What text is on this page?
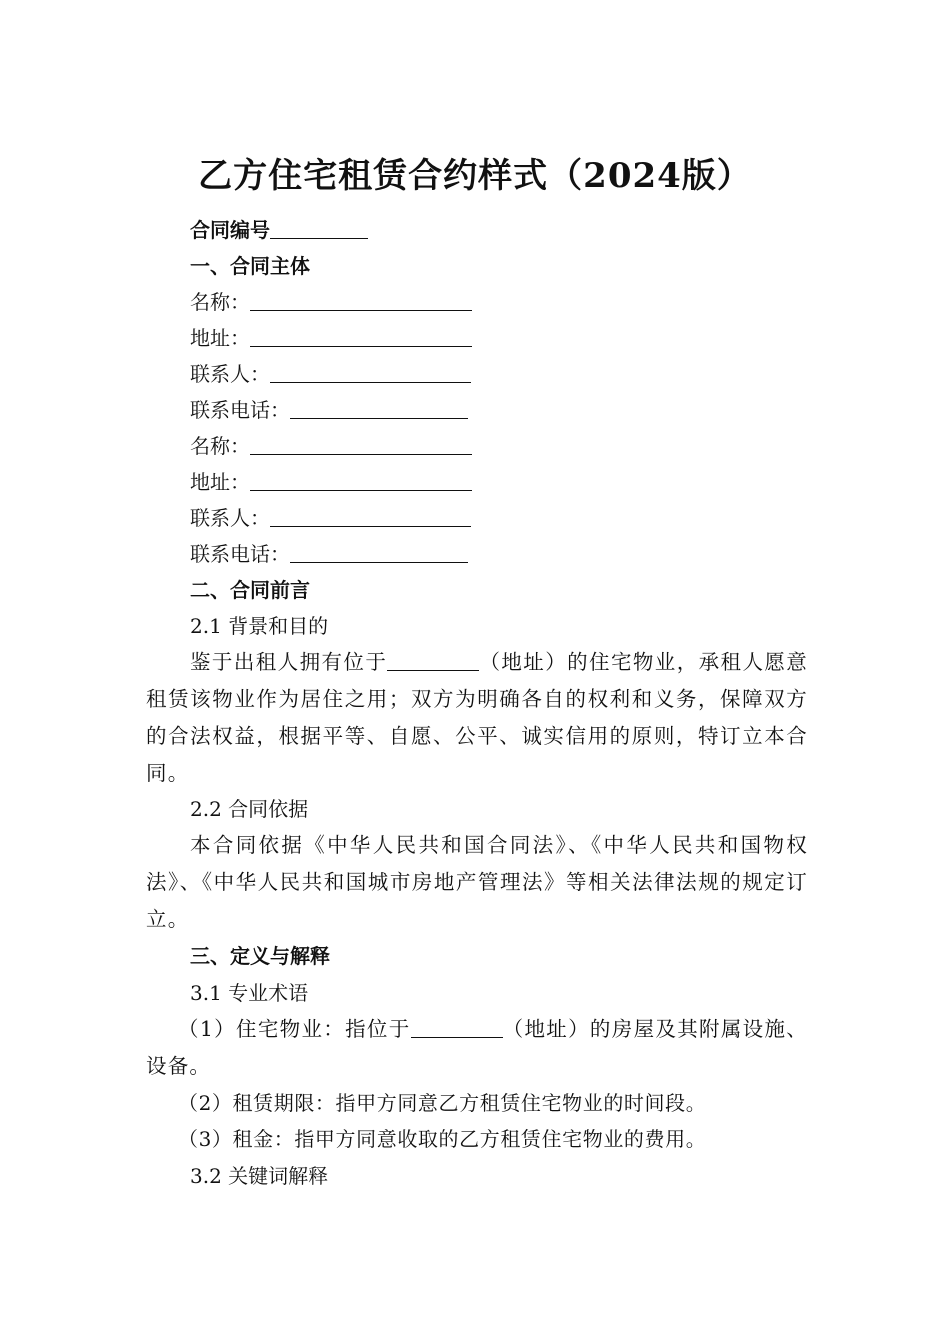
乙方住宅租赁合约样式（2024版）
合同编号
一、合同主体
名称：
地址：
联系人：
联系电话：
名称：
地址：
联系人：
联系电话：
二、合同前言
2.1 背景和目的
鉴于出租人拥有位于	（地址）的住宅物业，承租人愿意租赁该物业作为居住之用；双方为明确各自的权利和义务，保障双方的合法权益，根据平等、自愿、公平、诚实信用的原则，特订立本合同。
2.2 合同依据
本合同依据《中华人民共和国合同法》、《中华人民共和国物权法》、《中华人民共和国城市房地产管理法》等相关法律法规的规定订立。
三、定义与解释
3.1 专业术语
（1）住宅物业：指位于	（地址）的房屋及其附属设施、设备。
（2）租赁期限：指甲方同意乙方租赁住宅物业的时间段。
（3）租金：指甲方同意收取的乙方租赁住宅物业的费用。
3.2 关键词解释
